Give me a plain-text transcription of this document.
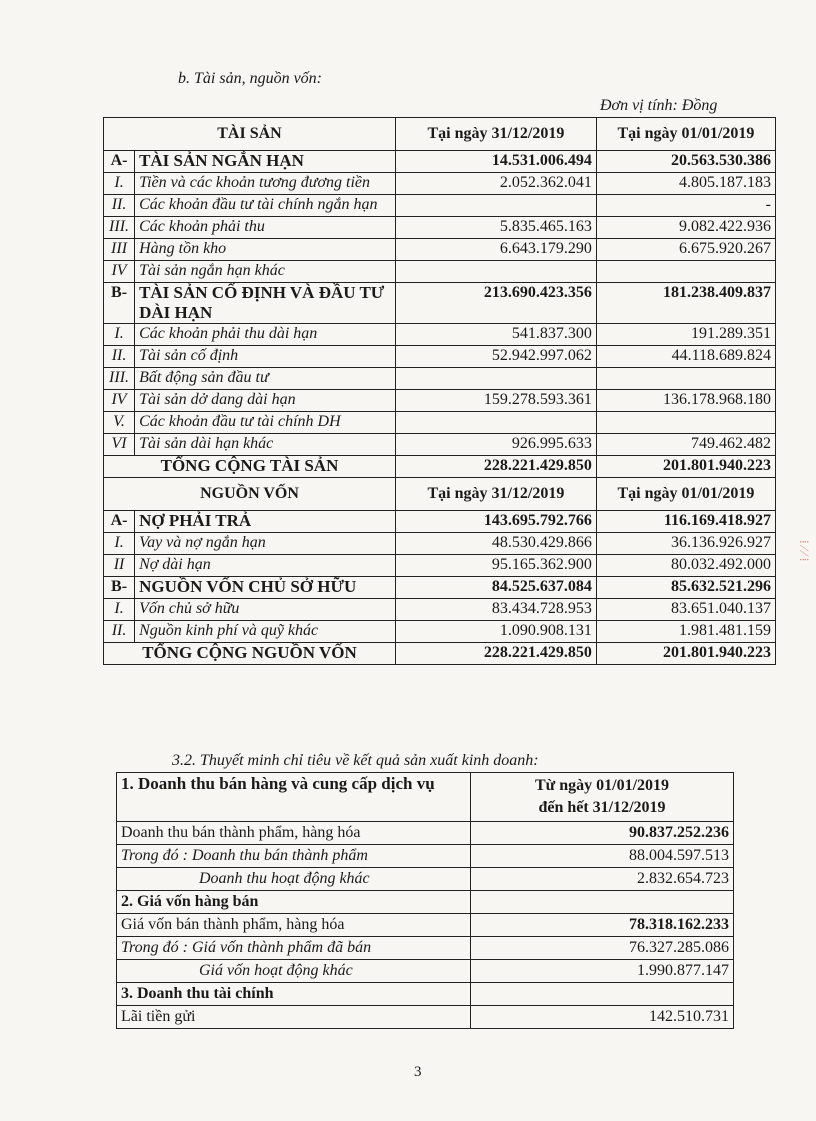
b. Tài sản, nguồn vốn:
Đơn vị tính: Đồng
TÀI SẢN		Tại ngày 31/12/2019	Tại ngày 01/01/2019
A-	TÀI SẢN NGẮN HẠN	14.531.006.494	20.563.530.386
I.	Tiền và các khoản tương đương tiền	2.052.362.041	4.805.187.183
II.	Các khoản đầu tư tài chính ngắn hạn		-
III.	Các khoản phải thu	5.835.465.163	9.082.422.936
III	Hàng tồn kho	6.643.179.290	6.675.920.267
IV	Tài sản ngắn hạn khác		
B-	TÀI SẢN CỐ ĐỊNH VÀ ĐẦU TƯ DÀI HẠN	213.690.423.356	181.238.409.837
I.	Các khoản phải thu dài hạn	541.837.300	191.289.351
II.	Tài sản cố định	52.942.997.062	44.118.689.824
III.	Bất động sản đầu tư		
IV	Tài sản dở dang dài hạn	159.278.593.361	136.178.968.180
V.	Các khoản đầu tư tài chính DH		
VI	Tài sản dài hạn khác	926.995.633	749.462.482
TỔNG CỘNG TÀI SẢN		228.221.429.850	201.801.940.223
NGUỒN VỐN		Tại ngày 31/12/2019	Tại ngày 01/01/2019
A-	NỢ PHẢI TRẢ	143.695.792.766	116.169.418.927
I.	Vay và nợ ngắn hạn	48.530.429.866	36.136.926.927
II	Nợ dài hạn	95.165.362.900	80.032.492.000
B-	NGUỒN VỐN CHỦ SỞ HỮU	84.525.637.084	85.632.521.296
I.	Vốn chủ sở hữu	83.434.728.953	83.651.040.137
II.	Nguồn kinh phí và quỹ khác	1.090.908.131	1.981.481.159
TỔNG CỘNG NGUỒN VỐN		228.221.429.850	201.801.940.223
3.2. Thuyết minh chỉ tiêu về kết quả sản xuất kinh doanh:
1. Doanh thu bán hàng và cung cấp dịch vụ	Từ ngày 01/01/2019
đến hết 31/12/2019

Doanh thu bán thành phẩm, hàng hóa	90.837.252.236
Trong đó : Doanh thu bán thành phẩm	88.004.597.513
Doanh thu hoạt động khác	2.832.654.723
2. Giá vốn hàng bán	
Giá vốn bán thành phẩm, hàng hóa	78.318.162.233
Trong đó : Giá vốn thành phẩm đã bán	76.327.285.086
Giá vốn hoạt động khác	1.990.877.147
3. Doanh thu tài chính	
Lãi tiền gửi	142.510.731
3
⁞ ∕ ∕ ⁞
